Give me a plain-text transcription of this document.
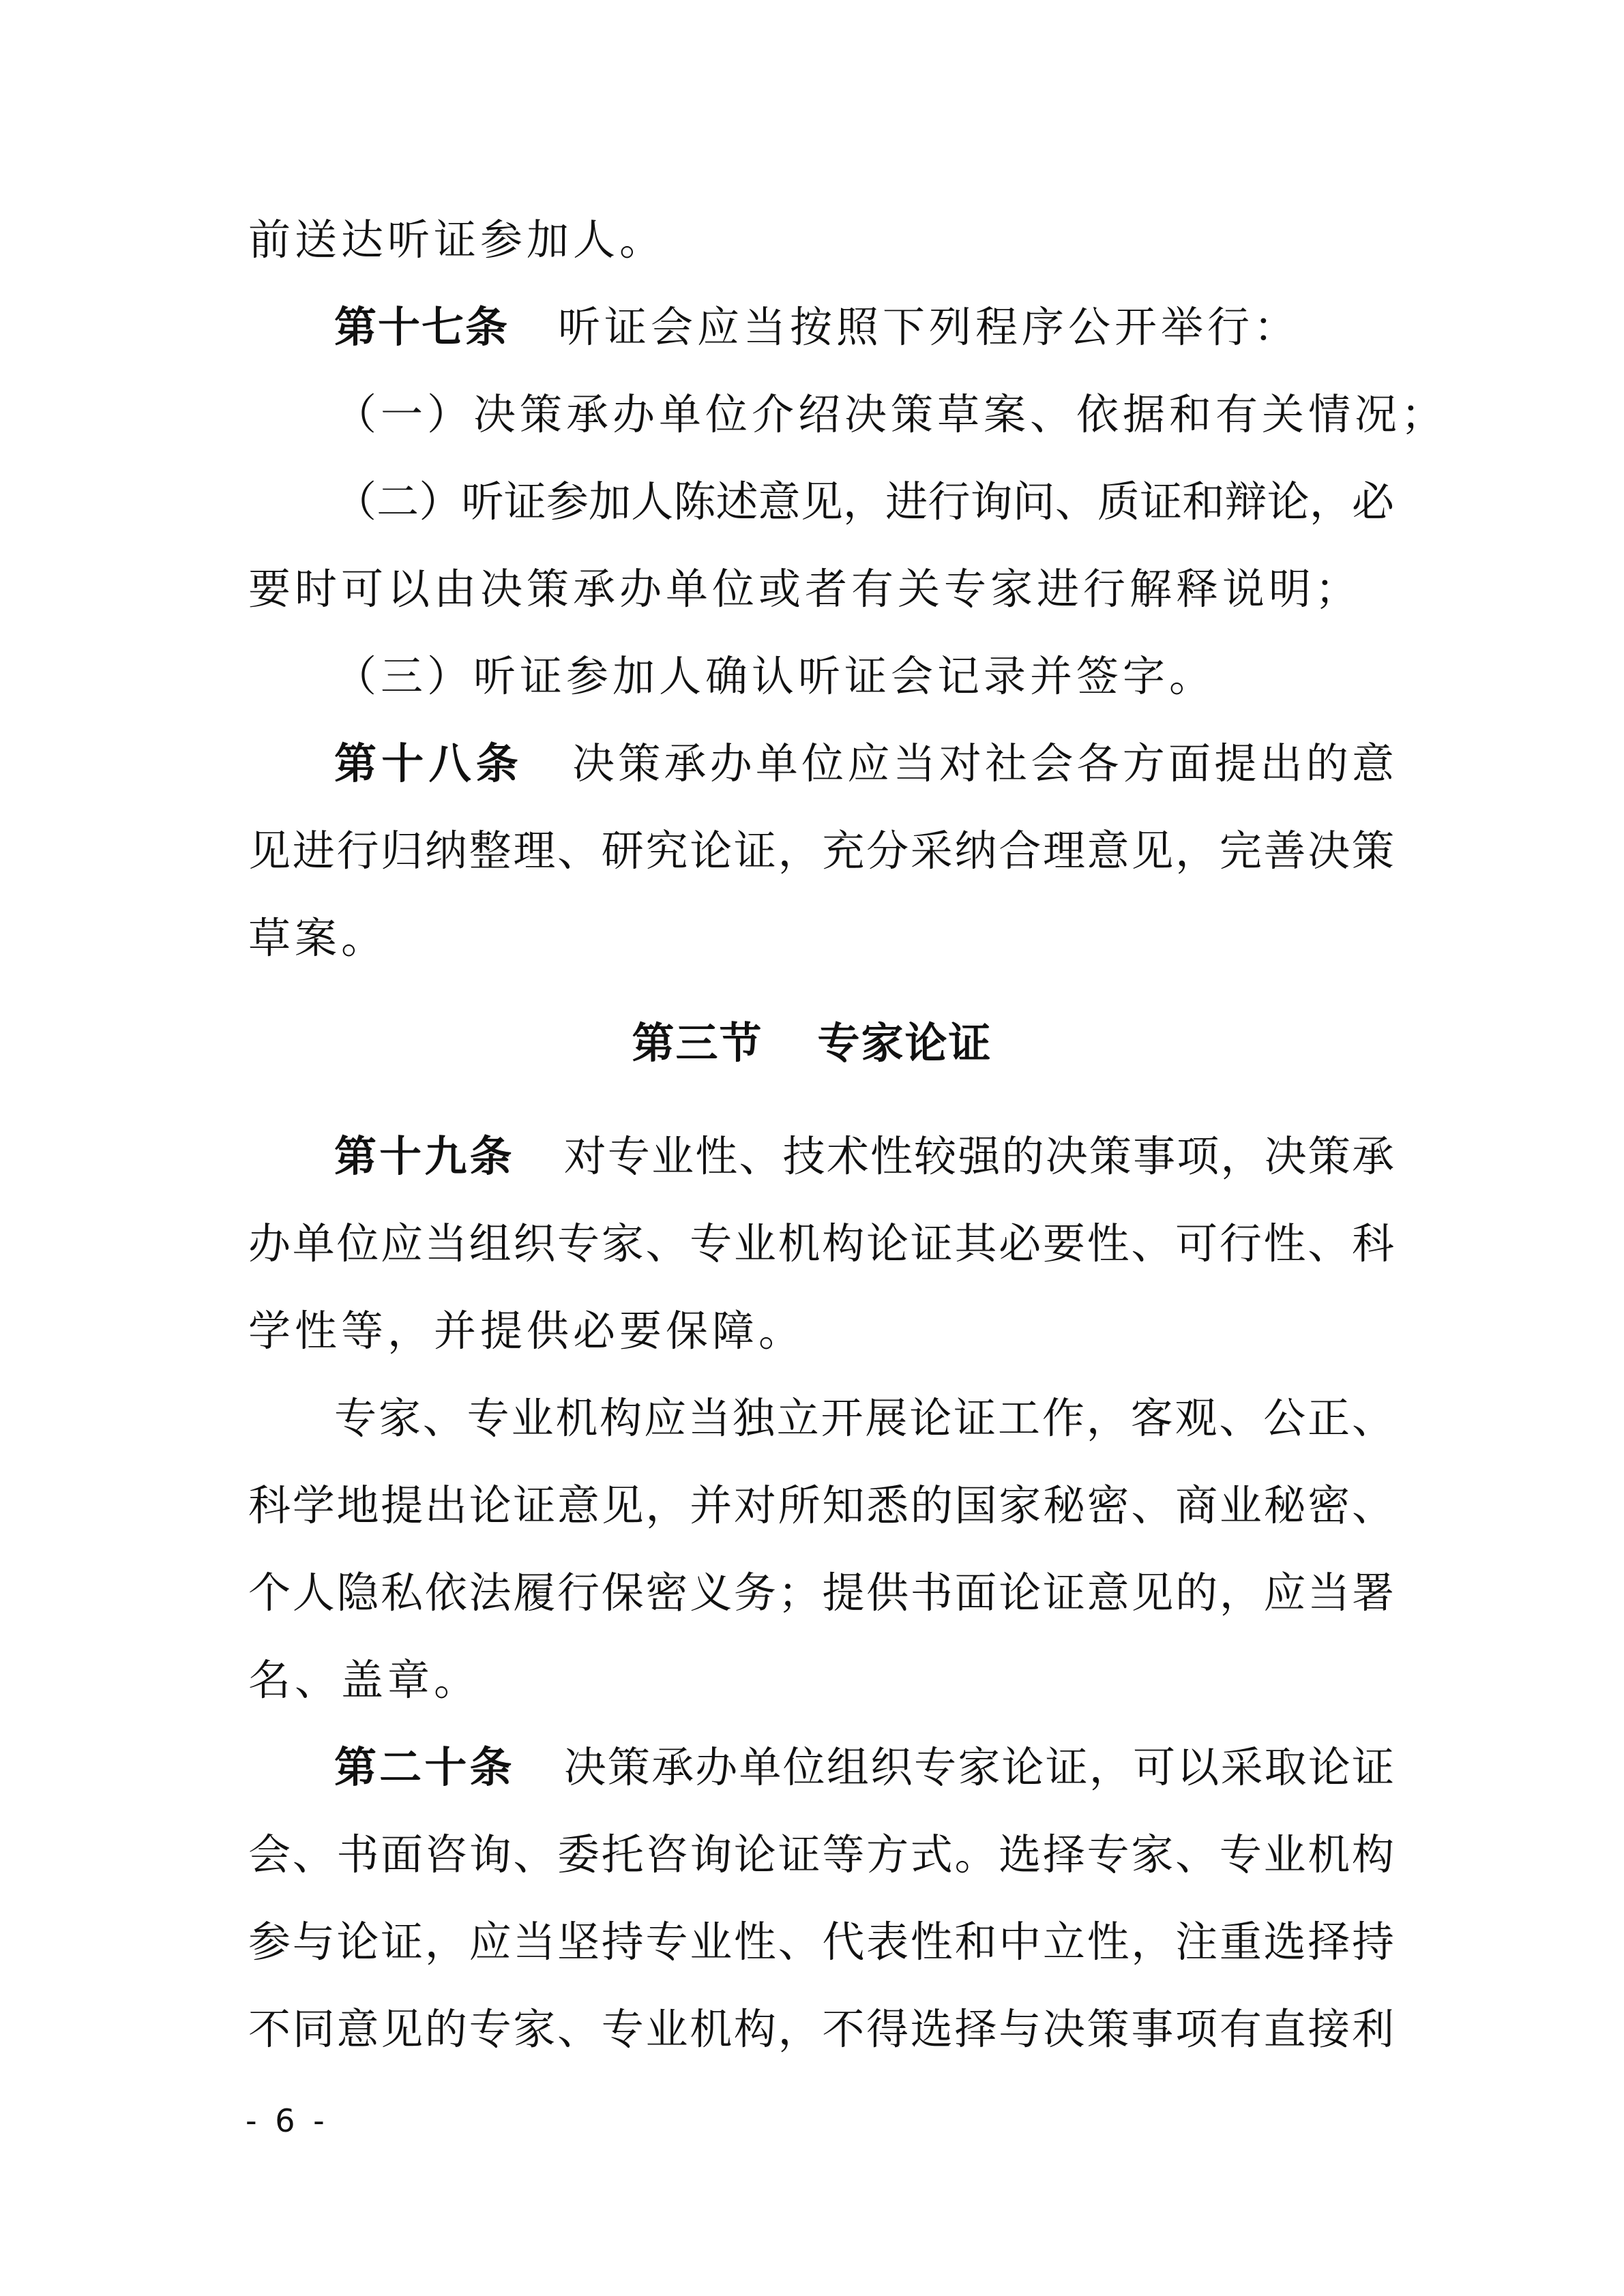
前送达听证参加人。
第十七条 听证会应当按照下列程序公开举行：
（一）决策承办单位介绍决策草案、依据和有关情况；
（二）听证参加人陈述意见，进行询问、质证和辩论，必
要时可以由决策承办单位或者有关专家进行解释说明；
（三）听证参加人确认听证会记录并签字。
第十八条 决策承办单位应当对社会各方面提出的意
见进行归纳整理、研究论证，充分采纳合理意见，完善决策
草案。
第三节 专家论证
第十九条 对专业性、技术性较强的决策事项，决策承
办单位应当组织专家、专业机构论证其必要性、可行性、科
学性等，并提供必要保障。
专家、专业机构应当独立开展论证工作，客观、公正、
科学地提出论证意见，并对所知悉的国家秘密、商业秘密、
个人隐私依法履行保密义务；提供书面论证意见的，应当署
名、盖章。
第二十条 决策承办单位组织专家论证，可以采取论证
会、书面咨询、委托咨询论证等方式。选择专家、专业机构
参与论证，应当坚持专业性、代表性和中立性，注重选择持
不同意见的专家、专业机构，不得选择与决策事项有直接利
- 6 -
